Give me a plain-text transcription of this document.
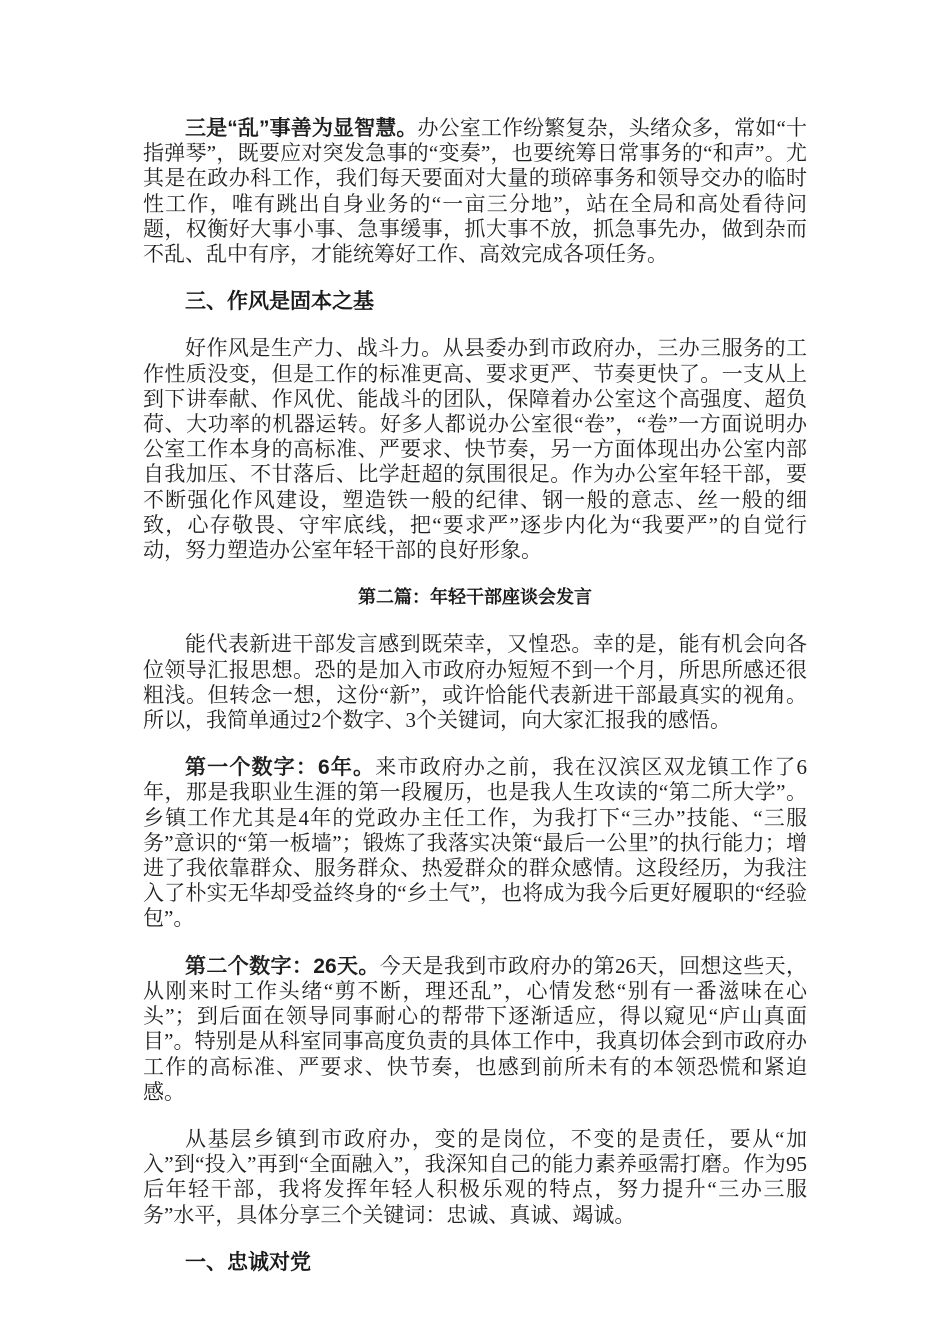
三是“乱”事善为显智慧。办公室工作纷繁复杂，头绪众多，常如“十指弹琴”，既要应对突发急事的“变奏”，也要统筹日常事务的“和声”。尤其是在政办科工作，我们每天要面对大量的琐碎事务和领导交办的临时性工作，唯有跳出自身业务的“一亩三分地”，站在全局和高处看待问题，权衡好大事小事、急事缓事，抓大事不放，抓急事先办，做到杂而不乱、乱中有序，才能统筹好工作、高效完成各项任务。

三、作风是固本之基

好作风是生产力、战斗力。从县委办到市政府办，三办三服务的工作性质没变，但是工作的标准更高、要求更严、节奏更快了。一支从上到下讲奉献、作风优、能战斗的团队，保障着办公室这个高强度、超负荷、大功率的机器运转。好多人都说办公室很“卷”，“卷”一方面说明办公室工作本身的高标准、严要求、快节奏，另一方面体现出办公室内部自我加压、不甘落后、比学赶超的氛围很足。作为办公室年轻干部，要不断强化作风建设，塑造铁一般的纪律、钢一般的意志、丝一般的细致，心存敬畏、守牢底线，把“要求严”逐步内化为“我要严”的自觉行动，努力塑造办公室年轻干部的良好形象。

第二篇：年轻干部座谈会发言

能代表新进干部发言感到既荣幸，又惶恐。幸的是，能有机会向各位领导汇报思想。恐的是加入市政府办短短不到一个月，所思所感还很粗浅。但转念一想，这份“新”，或许恰能代表新进干部最真实的视角。所以，我简单通过2个数字、3个关键词，向大家汇报我的感悟。

第一个数字：6年。来市政府办之前，我在汉滨区双龙镇工作了6年，那是我职业生涯的第一段履历，也是我人生攻读的“第二所大学”。乡镇工作尤其是4年的党政办主任工作，为我打下“三办”技能、“三服务”意识的“第一板墙”；锻炼了我落实决策“最后一公里”的执行能力；增进了我依靠群众、服务群众、热爱群众的群众感情。这段经历，为我注入了朴实无华却受益终身的“乡土气”，也将成为我今后更好履职的“经验包”。

第二个数字：26天。今天是我到市政府办的第26天，回想这些天，从刚来时工作头绪“剪不断，理还乱”，心情发愁“别有一番滋味在心头”；到后面在领导同事耐心的帮带下逐渐适应，得以窥见“庐山真面目”。特别是从科室同事高度负责的具体工作中，我真切体会到市政府办工作的高标准、严要求、快节奏，也感到前所未有的本领恐慌和紧迫感。

从基层乡镇到市政府办，变的是岗位，不变的是责任，要从“加入”到“投入”再到“全面融入”，我深知自己的能力素养亟需打磨。作为95后年轻干部，我将发挥年轻人积极乐观的特点，努力提升“三办三服务”水平，具体分享三个关键词：忠诚、真诚、竭诚。

一、忠诚对党
